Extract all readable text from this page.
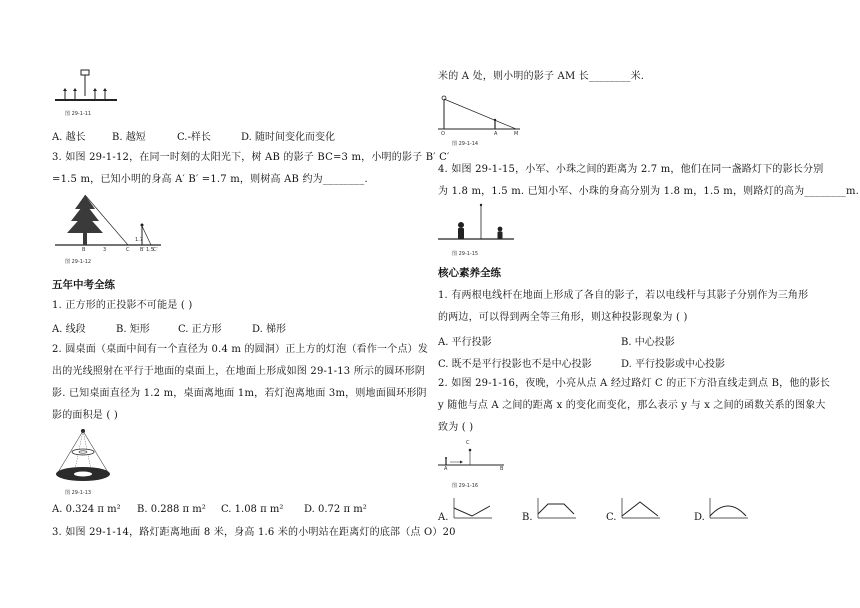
图 29-1-11
A. 越长	B. 越短	C.-样长	D. 随时间变化而变化
3. 如图 29-1-12，在同一时刻的太阳光下，树 AB 的影子 BC=3 m，小明的影子 B′ C′
=1.5 m，已知小明的身高 A′ B′ =1.7 m，则树高 AB 约为________.
B	3	C
1.7
B′ 1.5 C′
图 29-1-12
五年中考全练
1. 正方形的正投影不可能是 ( )
A. 线段	B. 矩形	C. 正方形	D. 梯形
2. 圆桌面（桌面中间有一个直径为 0.4 m 的圆洞）正上方的灯泡（看作一个点）发
出的光线照射在平行于地面的桌面上，在地面上形成如图 29-1-13 所示的圆环形阴
影. 已知桌面直径为 1.2 m，桌面离地面 1m，若灯泡离地面 3m，则地面圆环形阴
影的面积是 ( )
图 29-1-13
A. 0.324 π m² B. 0.288 π m² C. 1.08 π m² D. 0.72 π m²
3. 如图 29-1-14，路灯距离地面 8 米，身高 1.6 米的小明站在距离灯的底部（点 O）20
米的 A 处，则小明的影子 AM 长________米.
O	A	M
图 29-1-14
4. 如图 29-1-15，小军、小珠之间的距离为 2.7 m，他们在同一盏路灯下的影长分别
为 1.8 m，1.5 m. 已知小军、小珠的身高分别为 1.8 m，1.5 m，则路灯的高为________m.
图 29-1-15
核心素养全练
1. 有两根电线杆在地面上形成了各自的影子，若以电线杆与其影子分别作为三角形
的两边，可以得到两全等三角形，则这种投影现象为 ( )
A. 平行投影	B. 中心投影
C. 既不是平行投影也不是中心投影	D. 平行投影或中心投影
2. 如图 29-1-16，夜晚，小亮从点 A 经过路灯 C 的正下方沿直线走到点 B，他的影长
y 随他与点 A 之间的距离 x 的变化而变化，那么表示 y 与 x 之间的函数关系的图象大
致为 ( )
C
A	B
图 29-1-16
A.	B.	C.	D.
